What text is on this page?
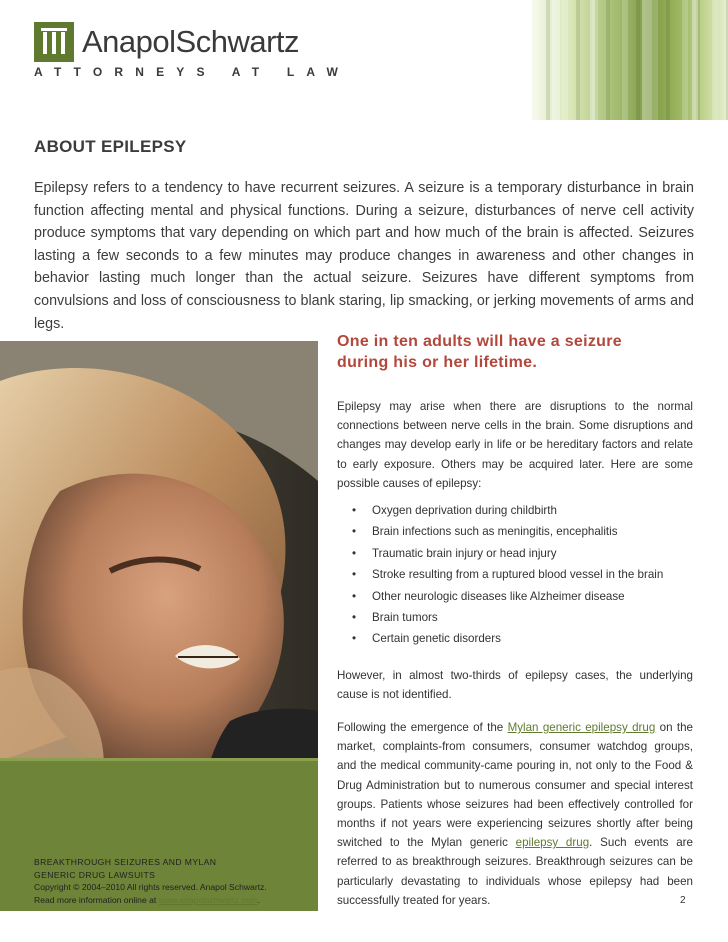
AnapolSchwartz
ATTORNEYS AT LAW
ABOUT EPILEPSY

Epilepsy refers to a tendency to have recurrent seizures. A seizure is a temporary disturbance in brain function affecting mental and physical functions. During a seizure, disturbances of nerve cell activity produce symptoms that vary depending on which part and how much of the brain is affected. Seizures lasting a few seconds to a few minutes may produce changes in awareness and other changes in behavior lasting much longer than the actual seizure. Seizures have different symptoms from convulsions and loss of consciousness to blank staring, lip smacking, or jerking movements of arms and legs.

BREAKTHROUGH SEIZURES AND MYLAN
GENERIC DRUG LAWSUITS
Copyright © 2004–2010 All rights reserved. Anapol Schwartz.
Read more information online at www.anapolschwartz.com.

One in ten adults will have a seizure during his or her lifetime.

Epilepsy may arise when there are disruptions to the normal connections between nerve cells in the brain. Some disruptions and changes may develop early in life or be hereditary factors and relate to early exposure. Others may be acquired later. Here are some possible causes of epilepsy:

• Oxygen deprivation during childbirth
• Brain infections such as meningitis, encephalitis
• Traumatic brain injury or head injury
• Stroke resulting from a ruptured blood vessel in the brain
• Other neurologic diseases like Alzheimer disease
• Brain tumors
• Certain genetic disorders

However, in almost two-thirds of epilepsy cases, the underlying cause is not identified.

Following the emergence of the Mylan generic epilepsy drug on the market, complaints-from consumers, consumer watchdog groups, and the medical community-came pouring in, not only to the Food & Drug Administration but to numerous consumer and special interest groups. Patients whose seizures had been effectively controlled for months if not years were experiencing seizures shortly after being switched to the Mylan generic epilepsy drug. Such events are referred to as breakthrough seizures. Breakthrough seizures can be particularly devastating to individuals whose epilepsy had been successfully treated for years.	2
